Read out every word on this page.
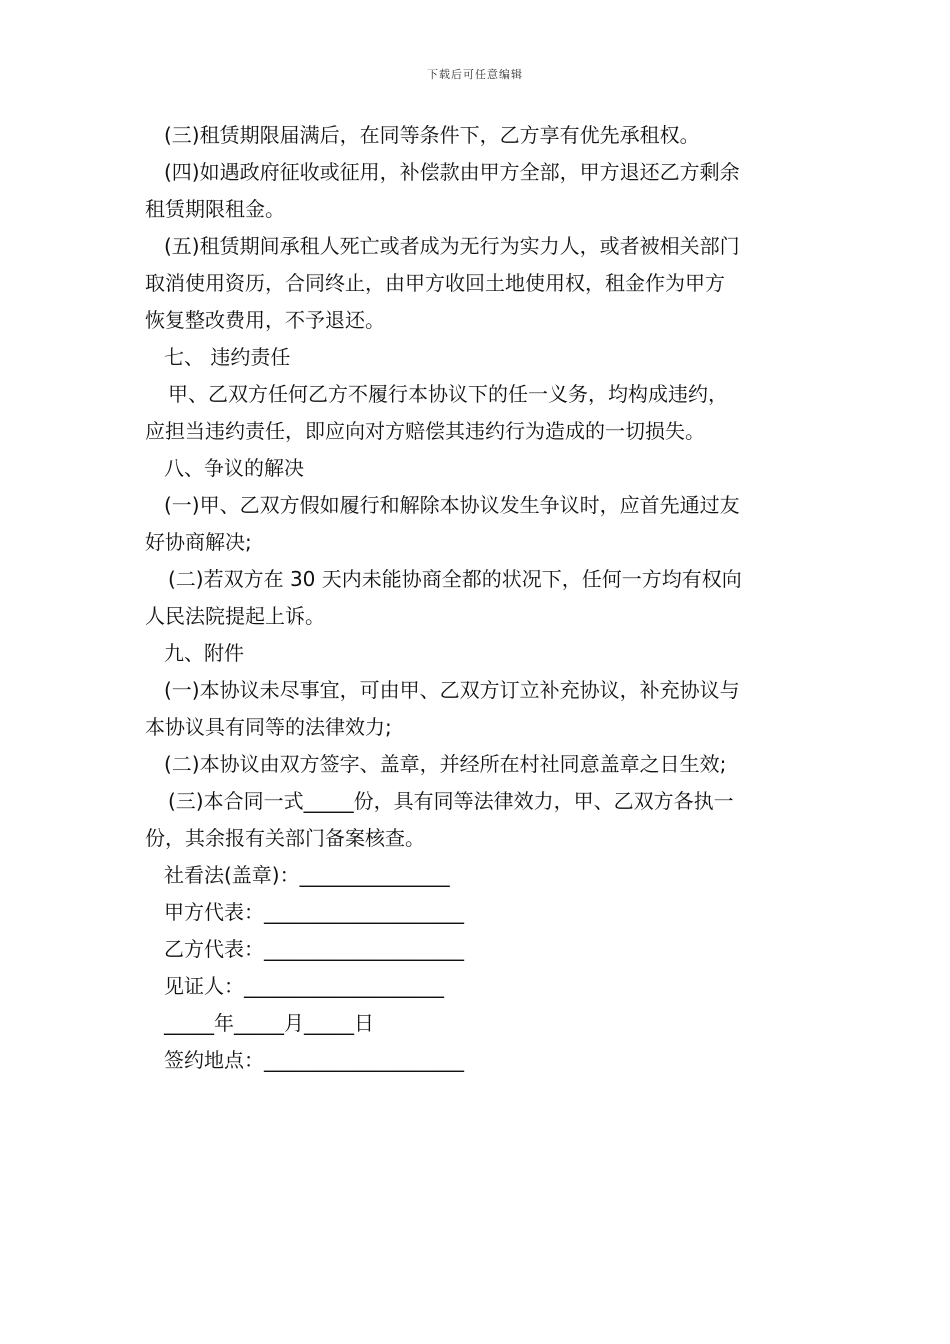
下载后可任意编辑
(三)租赁期限届满后，在同等条件下，乙方享有优先承租权。
(四)如遇政府征收或征用，补偿款由甲方全部，甲方退还乙方剩余
租赁期限租金。
(五)租赁期间承租人死亡或者成为无行为实力人，或者被相关部门
取消使用资历，合同终止，由甲方收回土地使用权，租金作为甲方
恢复整改费用，不予退还。
七、 违约责任
甲、乙双方任何乙方不履行本协议下的任一义务，均构成违约，
应担当违约责任，即应向对方赔偿其违约行为造成的一切损失。
八、争议的解决
(一)甲、乙双方假如履行和解除本协议发生争议时，应首先通过友
好协商解决;
(二)若双方在 30 天内未能协商全都的状况下，任何一方均有权向
人民法院提起上诉。
九、附件
(一)本协议未尽事宜，可由甲、乙双方订立补充协议，补充协议与
本协议具有同等的法律效力;
(二)本协议由双方签字、盖章，并经所在村社同意盖章之日生效;
(三)本合同一式_____份，具有同等法律效力，甲、乙双方各执一
份，其余报有关部门备案核查。
社看法(盖章)：_______________
甲方代表：____________________
乙方代表：____________________
见证人：____________________
_____年_____月_____日
签约地点：____________________
